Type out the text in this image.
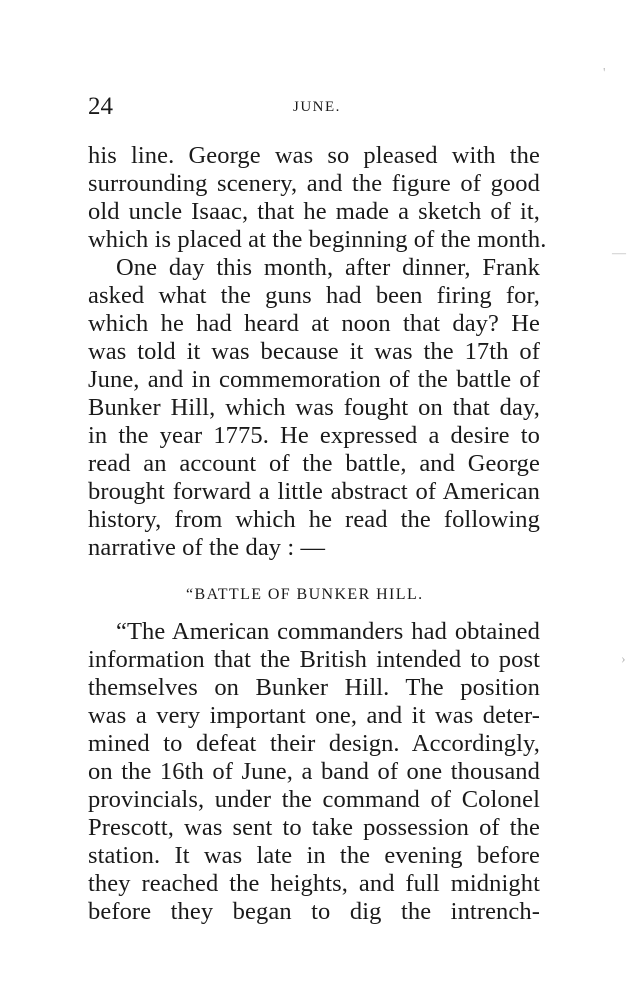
24	JUNE.
his line. George was so pleased with the
surrounding scenery, and the figure of good
old uncle Isaac, that he made a sketch of it,
which is placed at the beginning of the month.
One day this month, after dinner, Frank
asked what the guns had been firing for,
which he had heard at noon that day? He
was told it was because it was the 17th of
June, and in commemoration of the battle of
Bunker Hill, which was fought on that day,
in the year 1775. He expressed a desire to
read an account of the battle, and George
brought forward a little abstract of American
history, from which he read the following
narrative of the day : —
“BATTLE OF BUNKER HILL.
“The American commanders had obtained
information that the British intended to post
themselves on Bunker Hill. The position
was a very important one, and it was deter-
mined to defeat their design. Accordingly,
on the 16th of June, a band of one thousand
provincials, under the command of Colonel
Prescott, was sent to take possession of the
station. It was late in the evening before
they reached the heights, and full midnight
before they began to dig the intrench-
'
—
›
